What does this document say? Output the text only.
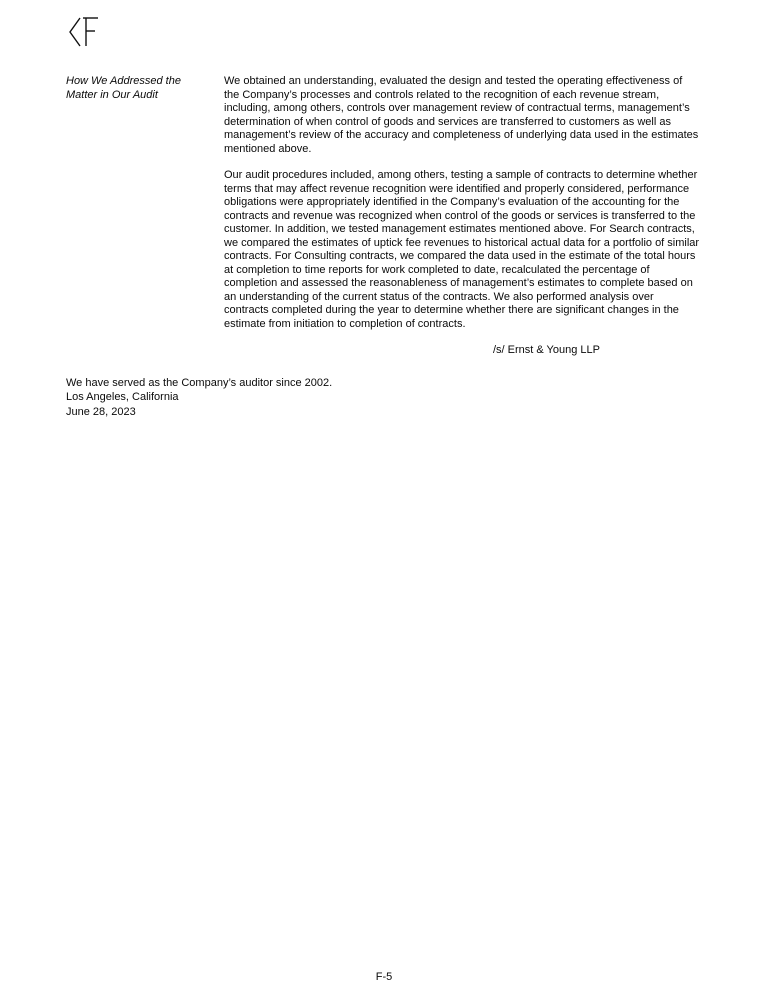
How We Addressed the
Matter in Our Audit

We obtained an understanding, evaluated the design and tested the operating effectiveness of the Company’s processes and controls related to the recognition of each revenue stream, including, among others, controls over management review of contractual terms, management’s determination of when control of goods and services are transferred to customers as well as management’s review of the accuracy and completeness of underlying data used in the estimates mentioned above.

Our audit procedures included, among others, testing a sample of contracts to determine whether terms that may affect revenue recognition were identified and properly considered, performance obligations were appropriately identified in the Company’s evaluation of the accounting for the contracts and revenue was recognized when control of the goods or services is transferred to the customer. In addition, we tested management estimates mentioned above. For Search contracts, we compared the estimates of uptick fee revenues to historical actual data for a portfolio of similar contracts. For Consulting contracts, we compared the data used in the estimate of the total hours at completion to time reports for work completed to date, recalculated the percentage of completion and assessed the reasonableness of management’s estimates to complete based on an understanding of the current status of the contracts. We also performed analysis over contracts completed during the year to determine whether there are significant changes in the estimate from initiation to completion of contracts.

/s/ Ernst & Young LLP

We have served as the Company’s auditor since 2002.
Los Angeles, California
June 28, 2023
F-5
